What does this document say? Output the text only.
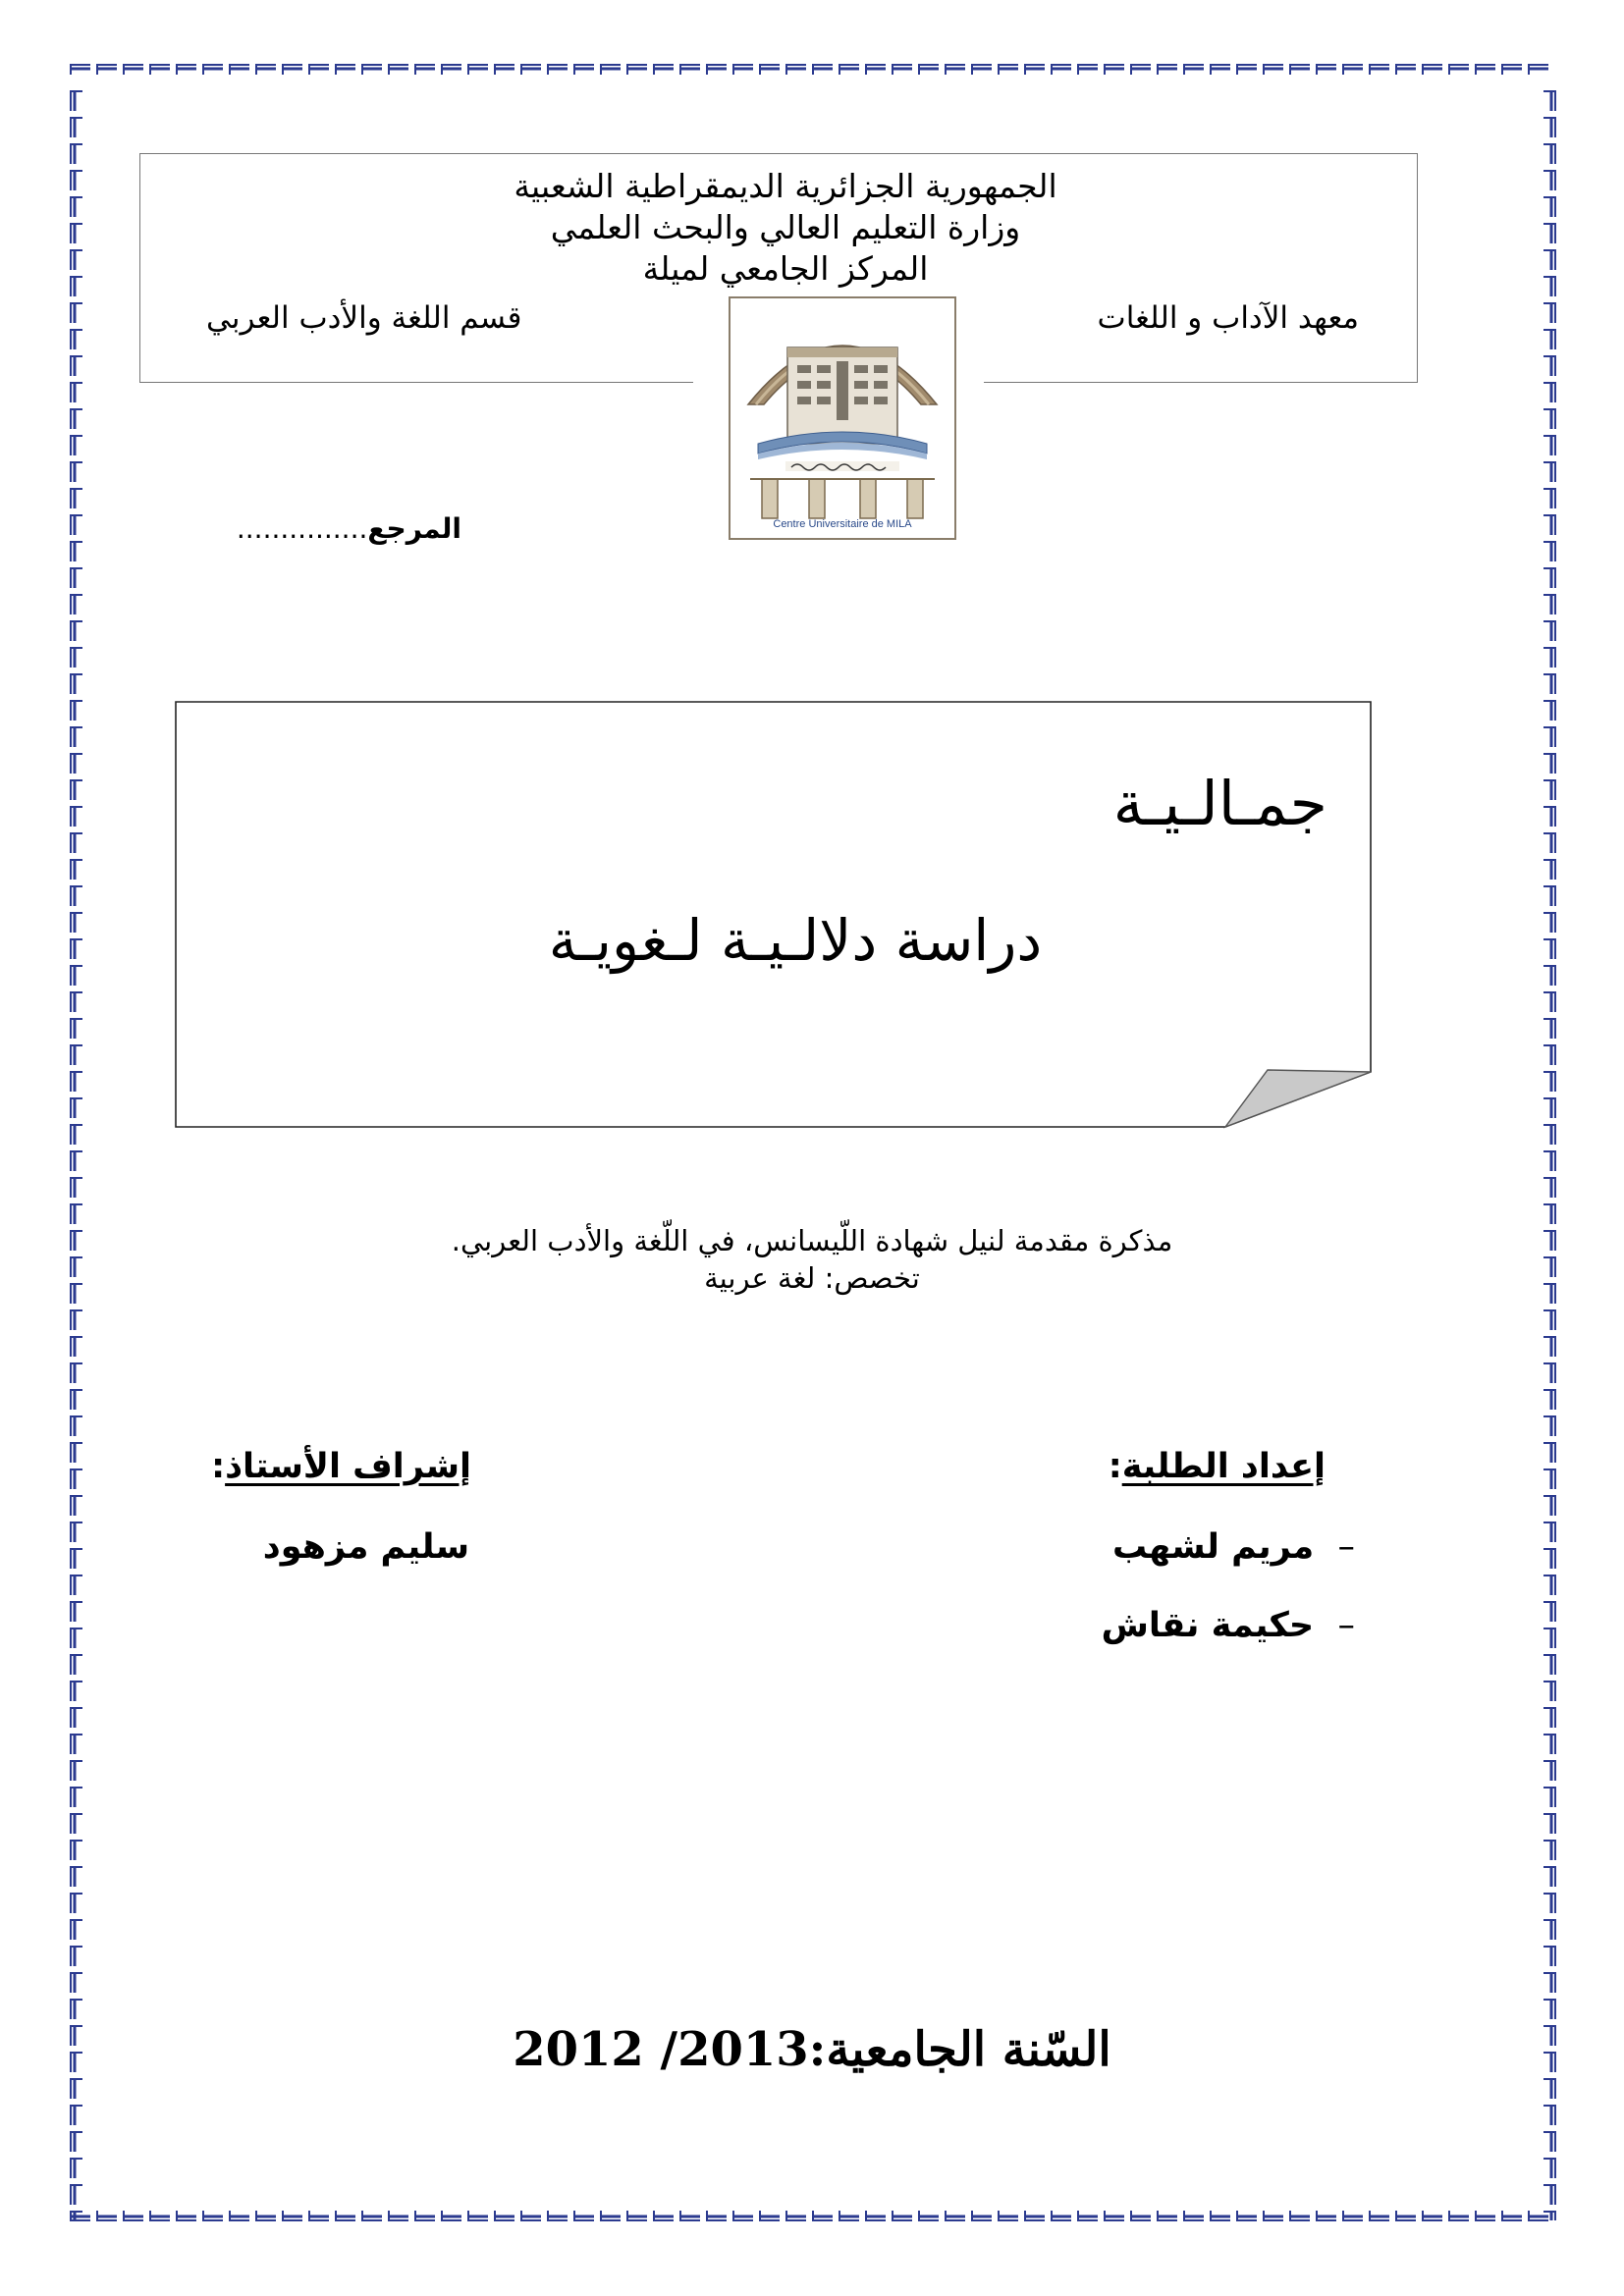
الجمهورية الجزائرية الديمقراطية الشعبية
وزارة التعليم العالي والبحث العلمي
المركز الجامعي لميلة
معهد الآداب و اللغات
قسم اللغة والأدب العربي
Centre Universitaire de MILA
المرجع...............
جمـالـيـة
دراسة دلالـيـة لـغويـة
مذكرة مقدمة لنيل شهادة اللّيسانس، في اللّغة والأدب العربي.
تخصص: لغة عربية
إعداد الطلبة:
–  مريم لشهب
–  حكيمة نقاش
إشراف الأستاذ:
سليم مزهود
السّنة الجامعية:2012 /2013
